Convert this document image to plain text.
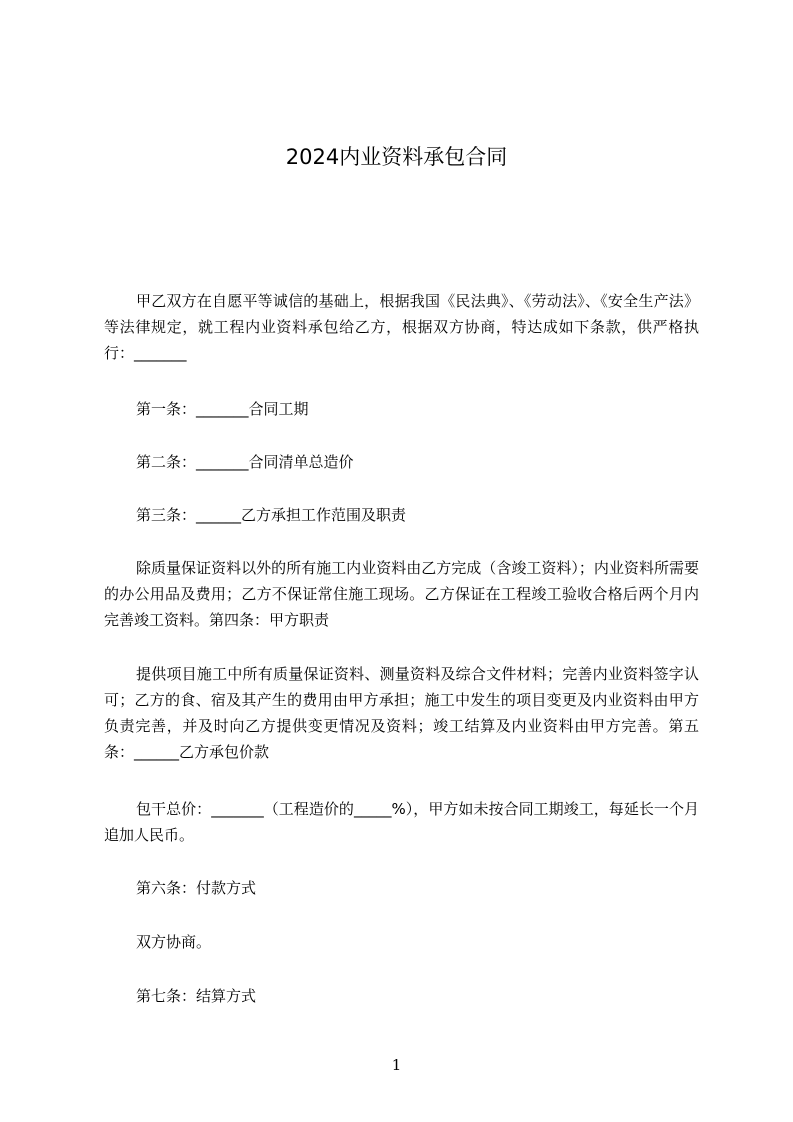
2024内业资料承包合同

甲乙双方在自愿平等诚信的基础上，根据我国《民法典》、《劳动法》、《安全生产法》等法律规定，就工程内业资料承包给乙方，根据双方协商，特达成如下条款，供严格执行：_______

第一条：_______合同工期
第二条：_______合同清单总造价
第三条：______乙方承担工作范围及职责

除质量保证资料以外的所有施工内业资料由乙方完成（含竣工资料）；内业资料所需要的办公用品及费用；乙方不保证常住施工现场。乙方保证在工程竣工验收合格后两个月内完善竣工资料。第四条：甲方职责

提供项目施工中所有质量保证资料、测量资料及综合文件材料；完善内业资料签字认可；乙方的食、宿及其产生的费用由甲方承担；施工中发生的项目变更及内业资料由甲方负责完善，并及时向乙方提供变更情况及资料；竣工结算及内业资料由甲方完善。第五条：______乙方承包价款

包干总价：_______（工程造价的_____%），甲方如未按合同工期竣工，每延长一个月追加人民币。

第六条：付款方式
双方协商。
第七条：结算方式
1
